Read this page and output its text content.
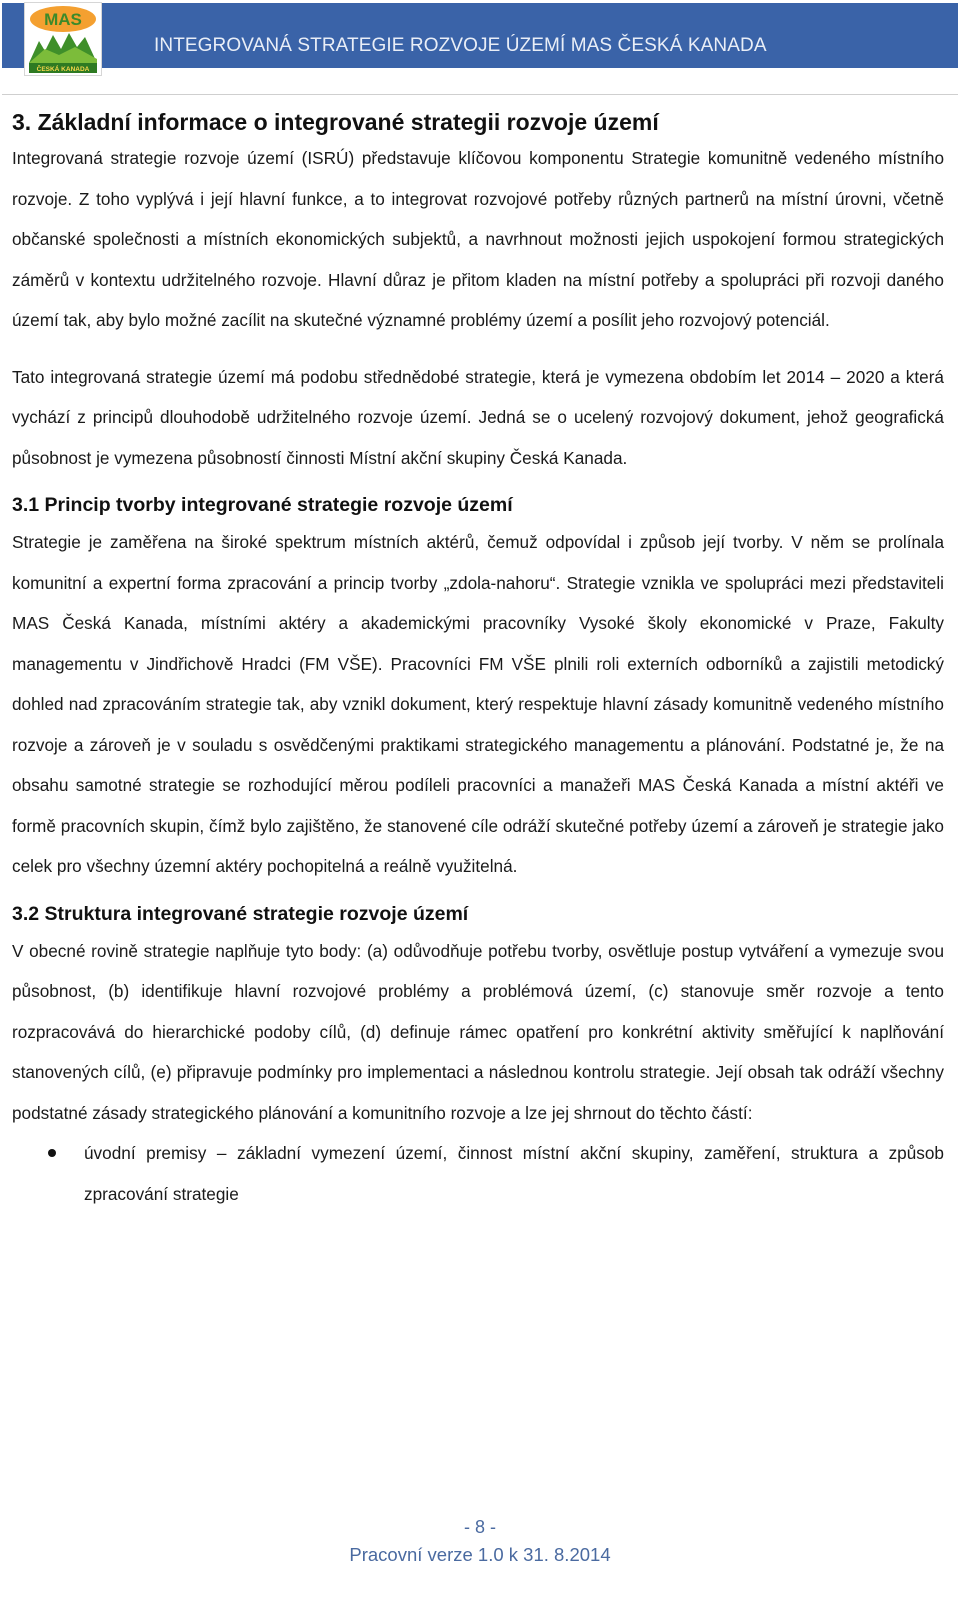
INTEGROVANÁ STRATEGIE ROZVOJE ÚZEMÍ MAS ČESKÁ KANADA
MAS
ČESKÁ KANADA
3. Základní informace o integrované strategii rozvoje území

Integrovaná strategie rozvoje území (ISRÚ) představuje klíčovou komponentu Strategie komunitně vedeného místního rozvoje. Z toho vyplývá i její hlavní funkce, a to integrovat rozvojové potřeby různých partnerů na místní úrovni, včetně občanské společnosti a místních ekonomických subjektů, a navrhnout možnosti jejich uspokojení formou strategických záměrů v kontextu udržitelného rozvoje. Hlavní důraz je přitom kladen na místní potřeby a spolupráci při rozvoji daného území tak, aby bylo možné zacílit na skutečné významné problémy území a posílit jeho rozvojový potenciál.

Tato integrovaná strategie území má podobu střednědobé strategie, která je vymezena obdobím let 2014 – 2020 a která vychází z principů dlouhodobě udržitelného rozvoje území. Jedná se o ucelený rozvojový dokument, jehož geografická působnost je vymezena působností činnosti Místní akční skupiny Česká Kanada.

3.1 Princip tvorby integrované strategie rozvoje území

Strategie je zaměřena na široké spektrum místních aktérů, čemuž odpovídal i způsob její tvorby. V něm se prolínala komunitní a expertní forma zpracování a princip tvorby „zdola-nahoru“. Strategie vznikla ve spolupráci mezi představiteli MAS Česká Kanada, místními aktéry a akademickými pracovníky Vysoké školy ekonomické v Praze, Fakulty managementu v Jindřichově Hradci (FM VŠE). Pracovníci FM VŠE plnili roli externích odborníků a zajistili metodický dohled nad zpracováním strategie tak, aby vznikl dokument, který respektuje hlavní zásady komunitně vedeného místního rozvoje a zároveň je v souladu s osvědčenými praktikami strategického managementu a plánování. Podstatné je, že na obsahu samotné strategie se rozhodující měrou podíleli pracovníci a manažeři MAS Česká Kanada a místní aktéři ve formě pracovních skupin, čímž bylo zajištěno, že stanovené cíle odráží skutečné potřeby území a zároveň je strategie jako celek pro všechny územní aktéry pochopitelná a reálně využitelná.

3.2 Struktura integrované strategie rozvoje území

V obecné rovině strategie naplňuje tyto body: (a) odůvodňuje potřebu tvorby, osvětluje postup vytváření a vymezuje svou působnost, (b) identifikuje hlavní rozvojové problémy a problémová území, (c) stanovuje směr rozvoje a tento rozpracovává do hierarchické podoby cílů, (d) definuje rámec opatření pro konkrétní aktivity směřující k naplňování stanovených cílů, (e) připravuje podmínky pro implementaci a následnou kontrolu strategie. Její obsah tak odráží všechny podstatné zásady strategického plánování a komunitního rozvoje a lze jej shrnout do těchto částí:

úvodní premisy – základní vymezení území, činnost místní akční skupiny, zaměření, struktura a způsob zpracování strategie

- 8 -
Pracovní verze 1.0 k 31. 8.2014
